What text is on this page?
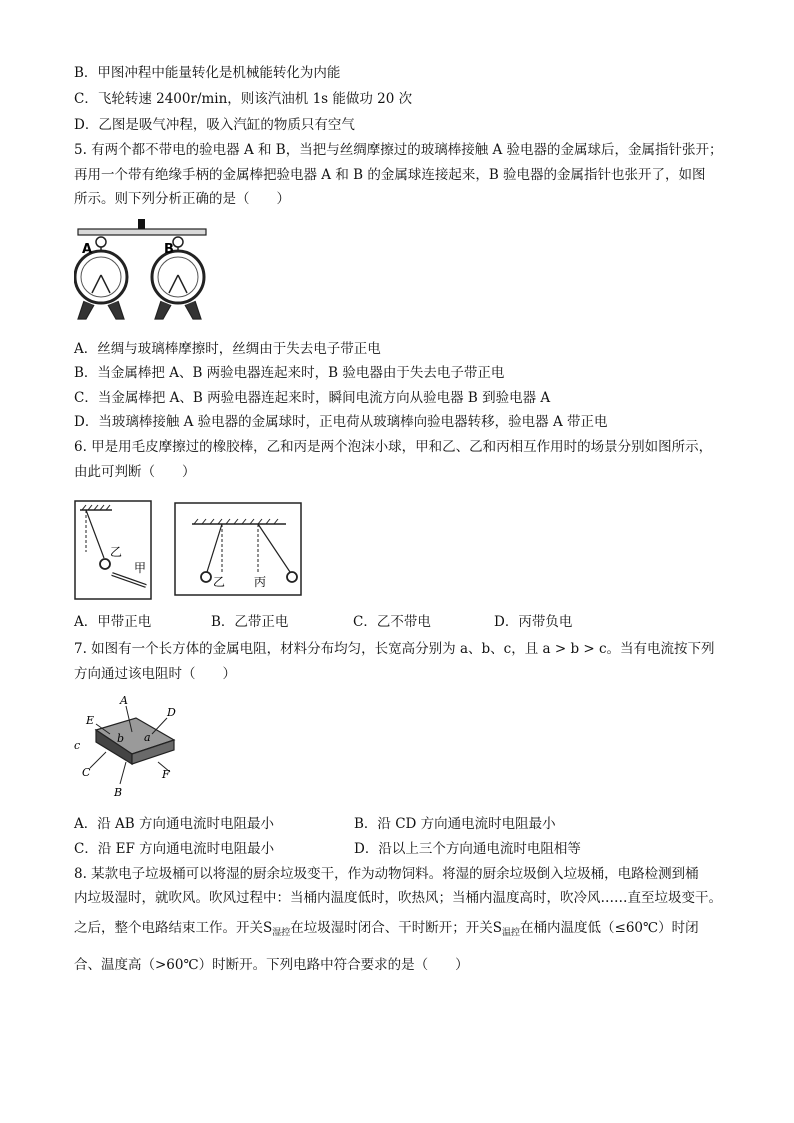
B．甲图冲程中能量转化是机械能转化为内能
C．飞轮转速 2400r/min，则该汽油机 1s 能做功 20 次
D．乙图是吸气冲程，吸入汽缸的物质只有空气
5. 有两个都不带电的验电器 A 和 B，当把与丝绸摩擦过的玻璃棒接触 A 验电器的金属球后，金属指针张开；
再用一个带有绝缘手柄的金属棒把验电器 A 和 B 的金属球连接起来，B 验电器的金属指针也张开了，如图
所示。则下列分析正确的是（　　）
A	B
A．丝绸与玻璃棒摩擦时，丝绸由于失去电子带正电
B．当金属棒把 A、B 两验电器连起来时，B 验电器由于失去电子带正电
C．当金属棒把 A、B 两验电器连起来时，瞬间电流方向从验电器 B 到验电器 A
D．当玻璃棒接触 A 验电器的金属球时，正电荷从玻璃棒向验电器转移，验电器 A 带正电
6. 甲是用毛皮摩擦过的橡胶棒，乙和丙是两个泡沫小球，甲和乙、乙和丙相互作用时的场景分别如图所示，
由此可判断（　　）
乙
甲
乙 丙
A．甲带正电	B．乙带正电	C．乙不带电	D．丙带负电
7. 如图有一个长方体的金属电阻，材料分布均匀，长宽高分别为 a、b、c，且 a > b > c。当有电流按下列
方向通过该电阻时（　　）
A
D
E
c
b a
C	F
B
A．沿 AB 方向通电流时电阻最小	B．沿 CD 方向通电流时电阻最小
C．沿 EF 方向通电流时电阻最小	D．沿以上三个方向通电流时电阻相等
8. 某款电子垃圾桶可以将湿的厨余垃圾变干，作为动物饲料。将湿的厨余垃圾倒入垃圾桶，电路检测到桶
内垃圾湿时，就吹风。吹风过程中：当桶内温度低时，吹热风；当桶内温度高时，吹冷风……直至垃圾变干。
之后，整个电路结束工作。开关$S_{湿控}$在垃圾湿时闭合、干时断开；开关$S_{温控}$在桶内温度低（≤60℃）时闭
合、温度高（>60℃）时断开。下列电路中符合要求的是（　　）
